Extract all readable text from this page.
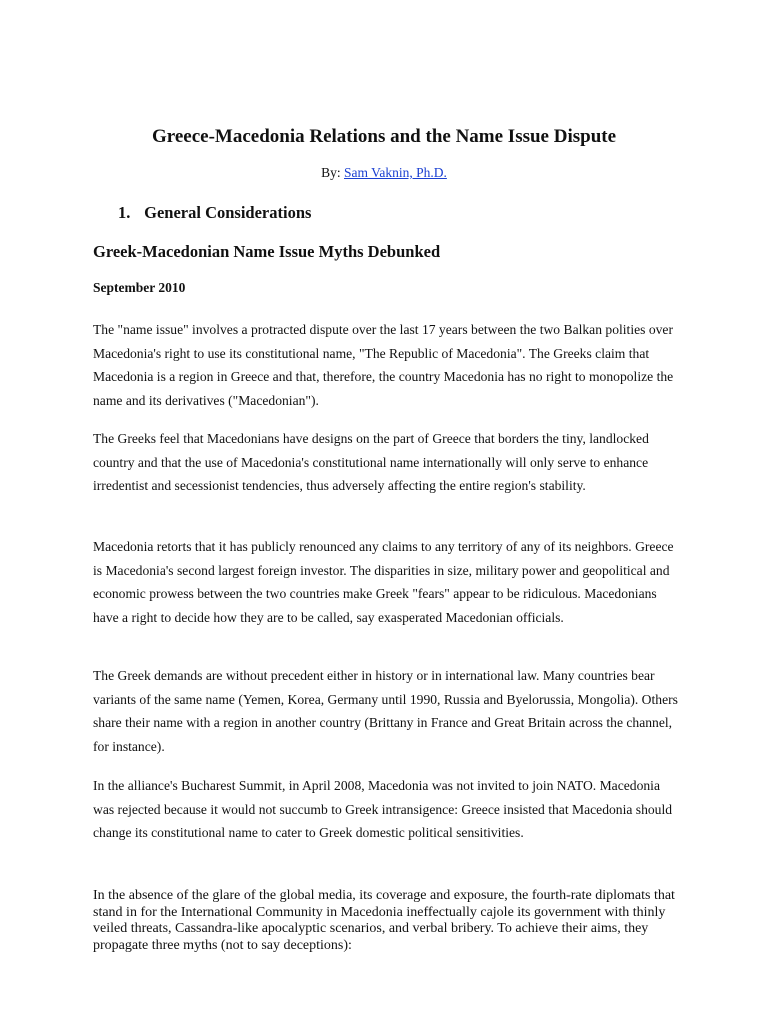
Greece-Macedonia Relations and the Name Issue Dispute
By: Sam Vaknin, Ph.D.
1. General Considerations
Greek-Macedonian Name Issue Myths Debunked

September 2010

The "name issue" involves a protracted dispute over the last 17 years between the two Balkan polities over Macedonia's right to use its constitutional name, "The Republic of Macedonia". The Greeks claim that Macedonia is a region in Greece and that, therefore, the country Macedonia has no right to monopolize the name and its derivatives ("Macedonian").

The Greeks feel that Macedonians have designs on the part of Greece that borders the tiny, landlocked country and that the use of Macedonia's constitutional name internationally will only serve to enhance irredentist and secessionist tendencies, thus adversely affecting the entire region's stability.

Macedonia retorts that it has publicly renounced any claims to any territory of any of its neighbors. Greece is Macedonia's second largest foreign investor. The disparities in size, military power and geopolitical and economic prowess between the two countries make Greek "fears" appear to be ridiculous. Macedonians have a right to decide how they are to be called, say exasperated Macedonian officials.

The Greek demands are without precedent either in history or in international law. Many countries bear variants of the same name (Yemen, Korea, Germany until 1990, Russia and Byelorussia, Mongolia). Others share their name with a region in another country (Brittany in France and Great Britain across the channel, for instance).

In the alliance's Bucharest Summit, in April 2008, Macedonia was not invited to join NATO. Macedonia was rejected because it would not succumb to Greek intransigence: Greece insisted that Macedonia should change its constitutional name to cater to Greek domestic political sensitivities.

In the absence of the glare of the global media, its coverage and exposure, the fourth-rate diplomats that stand in for the International Community in Macedonia ineffectually cajole its government with thinly veiled threats, Cassandra-like apocalyptic scenarios, and verbal bribery. To achieve their aims, they propagate three myths (not to say deceptions):
